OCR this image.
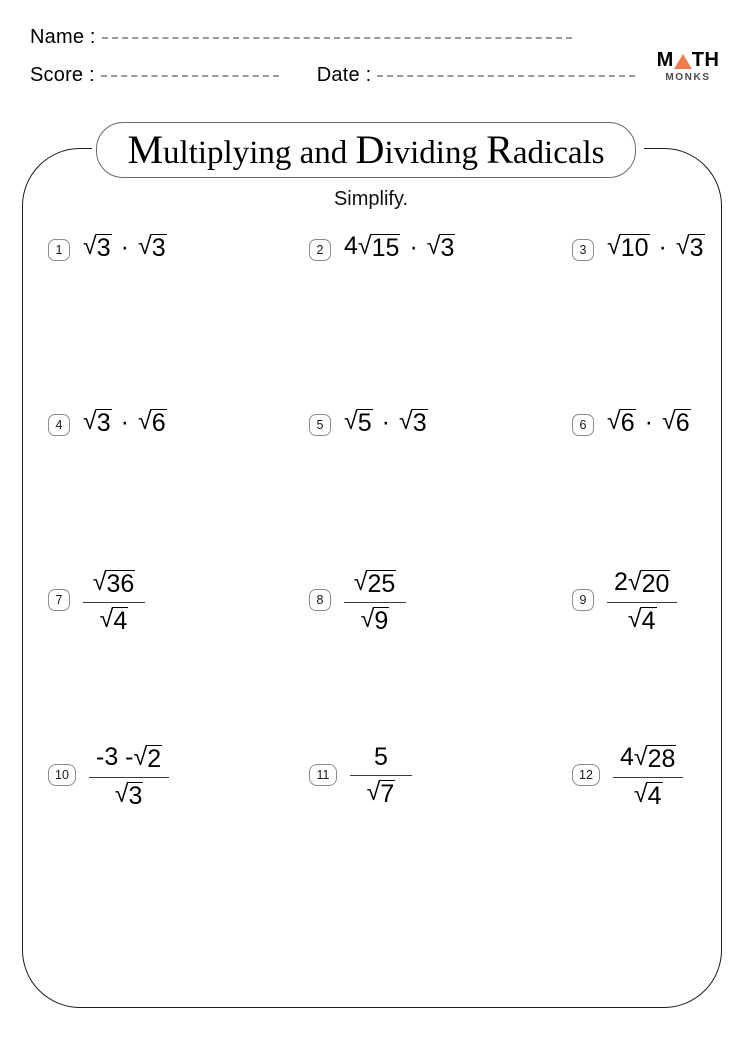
Name :
Score :	Date :
M TH
MONKS
Multiplying and Dividing Radicals
Simplify.
1 √ 3 · √ 3	2 4 √ 15 · √ 3	3 √ 10 · √ 3
4 √ 3 · √ 6	5 √ 5 · √ 3	6 √ 6 · √ 6
$7 \frac{√ 36}{√ 4}$	$8 \frac{√ 25}{√ 9}$	$9 \frac{2 √ 20}{√ 4}$
$10 \frac{-3 - √ 2}{√ 3}$	$11 \frac{5}{√ 7}$	$12 \frac{4 √ 28}{√ 4}$
